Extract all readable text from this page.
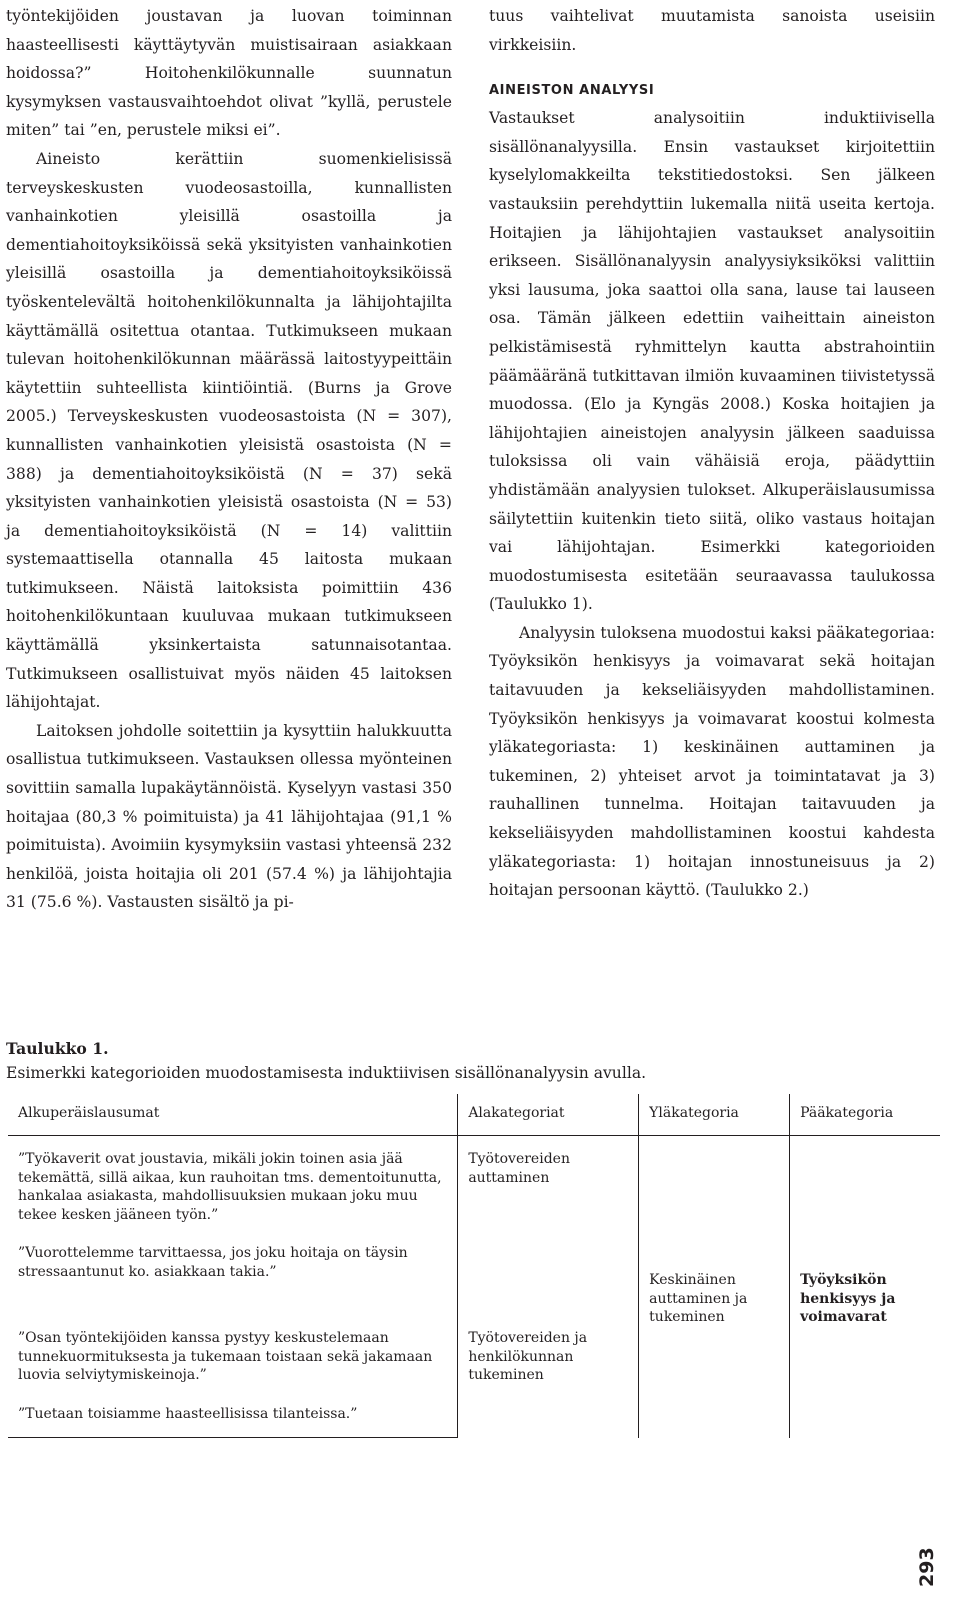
työntekijöiden joustavan ja luovan toiminnan haasteellisesti käyttäytyvän muistisairaan asiakkaan hoidossa?” Hoitohenkilökunnalle suunnatun kysymyksen vastausvaihtoehdot olivat ”kyllä, perustele miten” tai ”en, perustele miksi ei”.

Aineisto kerättiin suomenkielisissä terveyskeskusten vuodeosastoilla, kunnallisten vanhainkotien yleisillä osastoilla ja dementiahoitoyksiköissä sekä yksityisten vanhainkotien yleisillä osastoilla ja dementiahoitoyksiköissä työskentelevältä hoitohenkilökunnalta ja lähijohtajilta käyttämällä ositettua otantaa. Tutkimukseen mukaan tulevan hoitohenkilökunnan määrässä laitostyypeittäin käytettiin suhteellista kiintiöintiä. (Burns ja Grove 2005.) Terveyskeskusten vuodeosastoista (N = 307), kunnallisten vanhainkotien yleisistä osastoista (N = 388) ja dementiahoitoyksiköistä (N = 37) sekä yksityisten vanhainkotien yleisistä osastoista (N = 53) ja dementiahoitoyksiköistä (N = 14) valittiin systemaattisella otannalla 45 laitosta mukaan tutkimukseen. Näistä laitoksista poimittiin 436 hoitohenkilökuntaan kuuluvaa mukaan tutkimukseen käyttämällä yksinkertaista satunnaisotantaa. Tutkimukseen osallistuivat myös näiden 45 laitoksen lähijohtajat.

Laitoksen johdolle soitettiin ja kysyttiin halukkuutta osallistua tutkimukseen. Vastauksen ollessa myönteinen sovittiin samalla lupakäytännöistä. Kyselyyn vastasi 350 hoitajaa (80,3 % poimituista) ja 41 lähijohtajaa (91,1 % poimituista). Avoimiin kysymyksiin vastasi yhteensä 232 henkilöä, joista hoitajia oli 201 (57.4 %) ja lähijohtajia 31 (75.6 %). Vastausten sisältö ja pi-

tuus vaihtelivat muutamista sanoista useisiin virkkeisiin.

AINEISTON ANALYYSI

Vastaukset analysoitiin induktiivisella sisällönanalyysilla. Ensin vastaukset kirjoitettiin kyselylomakkeilta tekstitiedostoksi. Sen jälkeen vastauksiin perehdyttiin lukemalla niitä useita kertoja. Hoitajien ja lähijohtajien vastaukset analysoitiin erikseen. Sisällönanalyysin analyysiyksiköksi valittiin yksi lausuma, joka saattoi olla sana, lause tai lauseen osa. Tämän jälkeen edettiin vaiheittain aineiston pelkistämisestä ryhmittelyn kautta abstrahointiin päämääränä tutkittavan ilmiön kuvaaminen tiivistetyssä muodossa. (Elo ja Kyngäs 2008.) Koska hoitajien ja lähijohtajien aineistojen analyysin jälkeen saaduissa tuloksissa oli vain vähäisiä eroja, päädyttiin yhdistämään analyysien tulokset. Alkuperäislausumissa säilytettiin kuitenkin tieto siitä, oliko vastaus hoitajan vai lähijohtajan. Esimerkki kategorioiden muodostumisesta esitetään seuraavassa taulukossa (Taulukko 1).

Analyysin tuloksena muodostui kaksi pääkategoriaa: Työyksikön henkisyys ja voimavarat sekä hoitajan taitavuuden ja kekseliäisyyden mahdollistaminen. Työyksikön henkisyys ja voimavarat koostui kolmesta yläkategoriasta: 1) keskinäinen auttaminen ja tukeminen, 2) yhteiset arvot ja toimintatavat ja 3) rauhallinen tunnelma. Hoitajan taitavuuden ja kekseliäisyyden mahdollistaminen koostui kahdesta yläkategoriasta: 1) hoitajan innostuneisuus ja 2) hoitajan persoonan käyttö. (Taulukko 2.)

Taulukko 1.
Esimerkki kategorioiden muodostamisesta induktiivisen sisällönanalyysin avulla.
Alkuperäislausumat	Alakategoriat	Yläkategoria	Pääkategoria
”Työkaverit ovat joustavia, mikäli jokin toinen asia jää tekemättä, sillä aikaa, kun rauhoitan tms. dementoitunutta, hankalaa asiakasta, mahdollisuuksien mukaan joku muu tekee kesken jääneen työn.”	Työtovereiden auttaminen	Keskinäinen auttaminen ja tukeminen	Työyksikön henkisyys ja voimavarat
”Vuorottelemme tarvittaessa, jos joku hoitaja on täysin stressaantunut ko. asiakkaan takia.”			
”Osan työntekijöiden kanssa pystyy keskustelemaan tunnekuormituksesta ja tukemaan toistaan sekä jakamaan luovia selviytymiskeinoja.”	Työtovereiden ja henkilökunnan tukeminen		
”Tuetaan toisiamme haasteellisissa tilanteissa.”			
293
